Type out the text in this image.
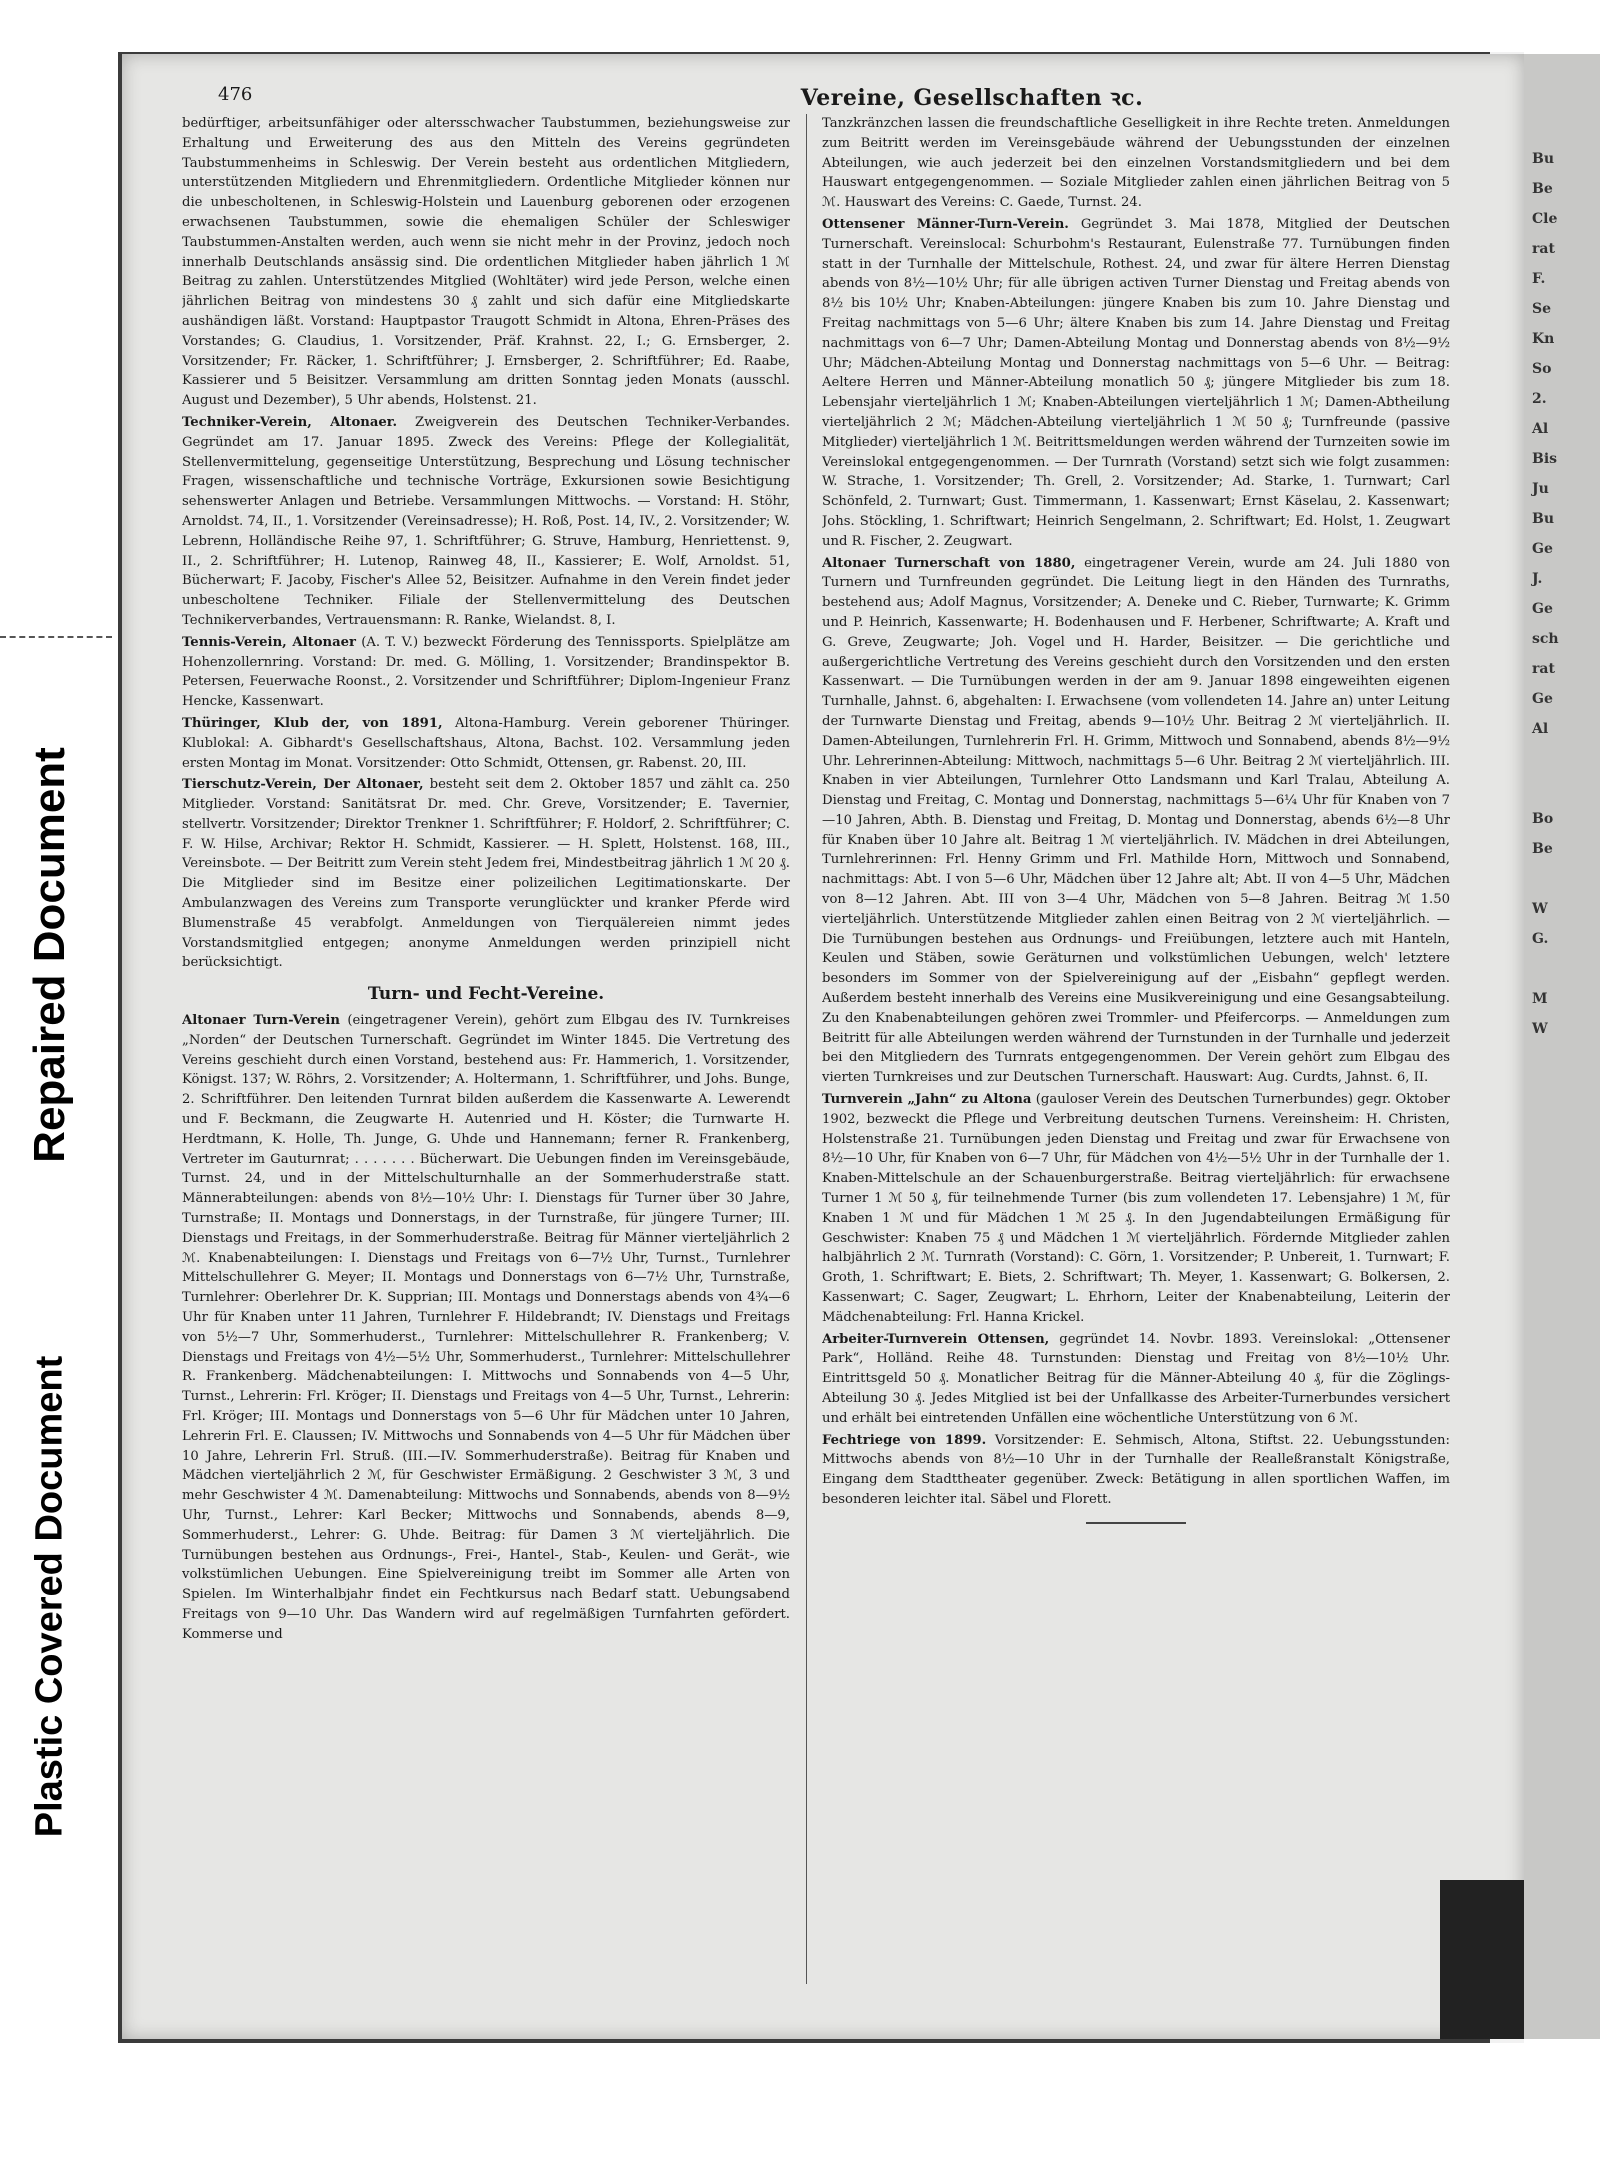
Repaired Document
Plastic Covered Document
476	Vereine, Gesellschaften ꝛc.

bedürftiger, arbeitsunfähiger oder altersschwacher Taubstummen, beziehungsweise zur Erhaltung und Erweiterung des aus den Mitteln des Vereins gegründeten Taubstummenheims in Schleswig. Der Verein besteht aus ordentlichen Mitgliedern, unterstützenden Mitgliedern und Ehrenmitgliedern. Ordentliche Mitglieder können nur die unbescholtenen, in Schleswig-Holstein und Lauenburg geborenen oder erzogenen erwachsenen Taubstummen, sowie die ehemaligen Schüler der Schleswiger Taubstummen-Anstalten werden, auch wenn sie nicht mehr in der Provinz, jedoch noch innerhalb Deutschlands ansässig sind. Die ordentlichen Mitglieder haben jährlich 1 ℳ Beitrag zu zahlen. Unterstützendes Mitglied (Wohltäter) wird jede Person, welche einen jährlichen Beitrag von mindestens 30 ₰ zahlt und sich dafür eine Mitgliedskarte aushändigen läßt. Vorstand: Hauptpastor Traugott Schmidt in Altona, Ehren-Präses des Vorstandes; G. Claudius, 1. Vorsitzender, Präf. Krahnst. 22, I.; G. Ernsberger, 2. Vorsitzender; Fr. Räcker, 1. Schriftführer; J. Ernsberger, 2. Schriftführer; Ed. Raabe, Kassierer und 5 Beisitzer. Versammlung am dritten Sonntag jeden Monats (ausschl. August und Dezember), 5 Uhr abends, Holstenst. 21.

Techniker-Verein, Altonaer. Zweigverein des Deutschen Techniker-Verbandes. Gegründet am 17. Januar 1895. Zweck des Vereins: Pflege der Kollegialität, Stellenvermittelung, gegenseitige Unterstützung, Besprechung und Lösung technischer Fragen, wissenschaftliche und technische Vorträge, Exkursionen sowie Besichtigung sehenswerter Anlagen und Betriebe. Versammlungen Mittwochs. — Vorstand: H. Stöhr, Arnoldst. 74, II., 1. Vorsitzender (Vereinsadresse); H. Roß, Post. 14, IV., 2. Vorsitzender; W. Lebrenn, Holländische Reihe 97, 1. Schriftführer; G. Struve, Hamburg, Henriettenst. 9, II., 2. Schriftführer; H. Lutenop, Rainweg 48, II., Kassierer; E. Wolf, Arnoldst. 51, Bücherwart; F. Jacoby, Fischer's Allee 52, Beisitzer. Aufnahme in den Verein findet jeder unbescholtene Techniker. Filiale der Stellenvermittelung des Deutschen Technikerverbandes, Vertrauensmann: R. Ranke, Wielandst. 8, I.

Tennis-Verein, Altonaer (A. T. V.) bezweckt Förderung des Tennissports. Spielplätze am Hohenzollernring. Vorstand: Dr. med. G. Mölling, 1. Vorsitzender; Brandinspektor B. Petersen, Feuerwache Roonst., 2. Vorsitzender und Schriftführer; Diplom-Ingenieur Franz Hencke, Kassenwart.

Thüringer, Klub der, von 1891, Altona-Hamburg. Verein geborener Thüringer. Klublokal: A. Gibhardt's Gesellschaftshaus, Altona, Bachst. 102. Versammlung jeden ersten Montag im Monat. Vorsitzender: Otto Schmidt, Ottensen, gr. Rabenst. 20, III.

Tierschutz-Verein, Der Altonaer, besteht seit dem 2. Oktober 1857 und zählt ca. 250 Mitglieder. Vorstand: Sanitätsrat Dr. med. Chr. Greve, Vorsitzender; E. Tavernier, stellvertr. Vorsitzender; Direktor Trenkner 1. Schriftführer; F. Holdorf, 2. Schriftführer; C. F. W. Hilse, Archivar; Rektor H. Schmidt, Kassierer. — H. Splett, Holstenst. 168, III., Vereinsbote. — Der Beitritt zum Verein steht Jedem frei, Mindestbeitrag jährlich 1 ℳ 20 ₰. Die Mitglieder sind im Besitze einer polizeilichen Legitimationskarte. Der Ambulanzwagen des Vereins zum Transporte verunglückter und kranker Pferde wird Blumenstraße 45 verabfolgt. Anmeldungen von Tierquälereien nimmt jedes Vorstandsmitglied entgegen; anonyme Anmeldungen werden prinzipiell nicht berücksichtigt.

Turn- und Fecht-Vereine.

Altonaer Turn-Verein (eingetragener Verein), gehört zum Elbgau des IV. Turnkreises „Norden“ der Deutschen Turnerschaft. Gegründet im Winter 1845. Die Vertretung des Vereins geschieht durch einen Vorstand, bestehend aus: Fr. Hammerich, 1. Vorsitzender, Königst. 137; W. Röhrs, 2. Vorsitzender; A. Holtermann, 1. Schriftführer, und Johs. Bunge, 2. Schriftführer. Den leitenden Turnrat bilden außerdem die Kassenwarte A. Lewerendt und F. Beckmann, die Zeugwarte H. Autenried und H. Köster; die Turnwarte H. Herdtmann, K. Holle, Th. Junge, G. Uhde und Hannemann; ferner R. Frankenberg, Vertreter im Gauturnrat; . . . . . . . Bücherwart. Die Uebungen finden im Vereinsgebäude, Turnst. 24, und in der Mittelschulturnhalle an der Sommerhuderstraße statt. Männerabteilungen: abends von 8½—10½ Uhr: I. Dienstags für Turner über 30 Jahre, Turnstraße; II. Montags und Donnerstags, in der Turnstraße, für jüngere Turner; III. Dienstags und Freitags, in der Sommerhuderstraße. Beitrag für Männer vierteljährlich 2 ℳ. Knabenabteilungen: I. Dienstags und Freitags von 6—7½ Uhr, Turnst., Turnlehrer Mittelschullehrer G. Meyer; II. Montags und Donnerstags von 6—7½ Uhr, Turnstraße, Turnlehrer: Oberlehrer Dr. K. Supprian; III. Montags und Donnerstags abends von 4¾—6 Uhr für Knaben unter 11 Jahren, Turnlehrer F. Hildebrandt; IV. Dienstags und Freitags von 5½—7 Uhr, Sommerhuderst., Turnlehrer: Mittelschullehrer R. Frankenberg; V. Dienstags und Freitags von 4½—5½ Uhr, Sommerhuderst., Turnlehrer: Mittelschullehrer R. Frankenberg. Mädchenabteilungen: I. Mittwochs und Sonnabends von 4—5 Uhr, Turnst., Lehrerin: Frl. Kröger; II. Dienstags und Freitags von 4—5 Uhr, Turnst., Lehrerin: Frl. Kröger; III. Montags und Donnerstags von 5—6 Uhr für Mädchen unter 10 Jahren, Lehrerin Frl. E. Claussen; IV. Mittwochs und Sonnabends von 4—5 Uhr für Mädchen über 10 Jahre, Lehrerin Frl. Struß. (III.—IV. Sommerhuderstraße). Beitrag für Knaben und Mädchen vierteljährlich 2 ℳ, für Geschwister Ermäßigung. 2 Geschwister 3 ℳ, 3 und mehr Geschwister 4 ℳ. Damenabteilung: Mittwochs und Sonnabends, abends von 8—9½ Uhr, Turnst., Lehrer: Karl Becker; Mittwochs und Sonnabends, abends 8—9, Sommerhuderst., Lehrer: G. Uhde. Beitrag: für Damen 3 ℳ vierteljährlich. Die Turnübungen bestehen aus Ordnungs-, Frei-, Hantel-, Stab-, Keulen- und Gerät-, wie volkstümlichen Uebungen. Eine Spielvereinigung treibt im Sommer alle Arten von Spielen. Im Winterhalbjahr findet ein Fechtkursus nach Bedarf statt. Uebungsabend Freitags von 9—10 Uhr. Das Wandern wird auf regelmäßigen Turnfahrten gefördert. Kommerse und

Tanzkränzchen lassen die freundschaftliche Geselligkeit in ihre Rechte treten. Anmeldungen zum Beitritt werden im Vereinsgebäude während der Uebungsstunden der einzelnen Abteilungen, wie auch jederzeit bei den einzelnen Vorstandsmitgliedern und bei dem Hauswart entgegengenommen. — Soziale Mitglieder zahlen einen jährlichen Beitrag von 5 ℳ. Hauswart des Vereins: C. Gaede, Turnst. 24.

Ottensener Männer-Turn-Verein. Gegründet 3. Mai 1878, Mitglied der Deutschen Turnerschaft. Vereinslocal: Schurbohm's Restaurant, Eulenstraße 77. Turnübungen finden statt in der Turnhalle der Mittelschule, Rothest. 24, und zwar für ältere Herren Dienstag abends von 8½—10½ Uhr; für alle übrigen activen Turner Dienstag und Freitag abends von 8½ bis 10½ Uhr; Knaben-Abteilungen: jüngere Knaben bis zum 10. Jahre Dienstag und Freitag nachmittags von 5—6 Uhr; ältere Knaben bis zum 14. Jahre Dienstag und Freitag nachmittags von 6—7 Uhr; Damen-Abteilung Montag und Donnerstag abends von 8½—9½ Uhr; Mädchen-Abteilung Montag und Donnerstag nachmittags von 5—6 Uhr. — Beitrag: Aeltere Herren und Männer-Abteilung monatlich 50 ₰; jüngere Mitglieder bis zum 18. Lebensjahr vierteljährlich 1 ℳ; Knaben-Abteilungen vierteljährlich 1 ℳ; Damen-Abtheilung vierteljährlich 2 ℳ; Mädchen-Abteilung vierteljährlich 1 ℳ 50 ₰; Turnfreunde (passive Mitglieder) vierteljährlich 1 ℳ. Beitrittsmeldungen werden während der Turnzeiten sowie im Vereinslokal entgegengenommen. — Der Turnrath (Vorstand) setzt sich wie folgt zusammen: W. Strache, 1. Vorsitzender; Th. Grell, 2. Vorsitzender; Ad. Starke, 1. Turnwart; Carl Schönfeld, 2. Turnwart; Gust. Timmermann, 1. Kassenwart; Ernst Käselau, 2. Kassenwart; Johs. Stöckling, 1. Schriftwart; Heinrich Sengelmann, 2. Schriftwart; Ed. Holst, 1. Zeugwart und R. Fischer, 2. Zeugwart.

Altonaer Turnerschaft von 1880, eingetragener Verein, wurde am 24. Juli 1880 von Turnern und Turnfreunden gegründet. Die Leitung liegt in den Händen des Turnraths, bestehend aus; Adolf Magnus, Vorsitzender; A. Deneke und C. Rieber, Turnwarte; K. Grimm und P. Heinrich, Kassenwarte; H. Bodenhausen und F. Herbener, Schriftwarte; A. Kraft und G. Greve, Zeugwarte; Joh. Vogel und H. Harder, Beisitzer. — Die gerichtliche und außergerichtliche Vertretung des Vereins geschieht durch den Vorsitzenden und den ersten Kassenwart. — Die Turnübungen werden in der am 9. Januar 1898 eingeweihten eigenen Turnhalle, Jahnst. 6, abgehalten: I. Erwachsene (vom vollendeten 14. Jahre an) unter Leitung der Turnwarte Dienstag und Freitag, abends 9—10½ Uhr. Beitrag 2 ℳ vierteljährlich. II. Damen-Abteilungen, Turnlehrerin Frl. H. Grimm, Mittwoch und Sonnabend, abends 8½—9½ Uhr. Lehrerinnen-Abteilung: Mittwoch, nachmittags 5—6 Uhr. Beitrag 2 ℳ vierteljährlich. III. Knaben in vier Abteilungen, Turnlehrer Otto Landsmann und Karl Tralau, Abteilung A. Dienstag und Freitag, C. Montag und Donnerstag, nachmittags 5—6¼ Uhr für Knaben von 7—10 Jahren, Abth. B. Dienstag und Freitag, D. Montag und Donnerstag, abends 6½—8 Uhr für Knaben über 10 Jahre alt. Beitrag 1 ℳ vierteljährlich. IV. Mädchen in drei Abteilungen, Turnlehrerinnen: Frl. Henny Grimm und Frl. Mathilde Horn, Mittwoch und Sonnabend, nachmittags: Abt. I von 5—6 Uhr, Mädchen über 12 Jahre alt; Abt. II von 4—5 Uhr, Mädchen von 8—12 Jahren. Abt. III von 3—4 Uhr, Mädchen von 5—8 Jahren. Beitrag ℳ 1.50 vierteljährlich. Unterstützende Mitglieder zahlen einen Beitrag von 2 ℳ vierteljährlich. — Die Turnübungen bestehen aus Ordnungs- und Freiübungen, letztere auch mit Hanteln, Keulen und Stäben, sowie Geräturnen und volkstümlichen Uebungen, welch' letztere besonders im Sommer von der Spielvereinigung auf der „Eisbahn“ gepflegt werden. Außerdem besteht innerhalb des Vereins eine Musikvereinigung und eine Gesangsabteilung. Zu den Knabenabteilungen gehören zwei Trommler- und Pfeifercorps. — Anmeldungen zum Beitritt für alle Abteilungen werden während der Turnstunden in der Turnhalle und jederzeit bei den Mitgliedern des Turnrats entgegengenommen. Der Verein gehört zum Elbgau des vierten Turnkreises und zur Deutschen Turnerschaft. Hauswart: Aug. Curdts, Jahnst. 6, II.

Turnverein „Jahn“ zu Altona (gauloser Verein des Deutschen Turnerbundes) gegr. Oktober 1902, bezweckt die Pflege und Verbreitung deutschen Turnens. Vereinsheim: H. Christen, Holstenstraße 21. Turnübungen jeden Dienstag und Freitag und zwar für Erwachsene von 8½—10 Uhr, für Knaben von 6—7 Uhr, für Mädchen von 4½—5½ Uhr in der Turnhalle der 1. Knaben-Mittelschule an der Schauenburgerstraße. Beitrag vierteljährlich: für erwachsene Turner 1 ℳ 50 ₰, für teilnehmende Turner (bis zum vollendeten 17. Lebensjahre) 1 ℳ, für Knaben 1 ℳ und für Mädchen 1 ℳ 25 ₰. In den Jugendabteilungen Ermäßigung für Geschwister: Knaben 75 ₰ und Mädchen 1 ℳ vierteljährlich. Fördernde Mitglieder zahlen halbjährlich 2 ℳ. Turnrath (Vorstand): C. Görn, 1. Vorsitzender; P. Unbereit, 1. Turnwart; F. Groth, 1. Schriftwart; E. Biets, 2. Schriftwart; Th. Meyer, 1. Kassenwart; G. Bolkersen, 2. Kassenwart; C. Sager, Zeugwart; L. Ehrhorn, Leiter der Knabenabteilung, Leiterin der Mädchenabteilung: Frl. Hanna Krickel.

Arbeiter-Turnverein Ottensen, gegründet 14. Novbr. 1893. Vereinslokal: „Ottensener Park“, Holländ. Reihe 48. Turnstunden: Dienstag und Freitag von 8½—10½ Uhr. Eintrittsgeld 50 ₰. Monatlicher Beitrag für die Männer-Abteilung 40 ₰, für die Zöglings-Abteilung 30 ₰. Jedes Mitglied ist bei der Unfallkasse des Arbeiter-Turnerbundes versichert und erhält bei eintretenden Unfällen eine wöchentliche Unterstützung von 6 ℳ.

Fechtriege von 1899. Vorsitzender: E. Sehmisch, Altona, Stiftst. 22. Uebungsstunden: Mittwochs abends von 8½—10 Uhr in der Turnhalle der Realleßranstalt Königstraße, Eingang dem Stadttheater gegenüber. Zweck: Betätigung in allen sportlichen Waffen, im besonderen leichter ital. Säbel und Florett.

Bu
Be
Cle
rat
F.
Se
Kn
So
2.
Al
Bis
Ju
Bu
Ge
J.
Ge
sch
rat
Ge
Al

Bo
Be

W
G.

M
W
